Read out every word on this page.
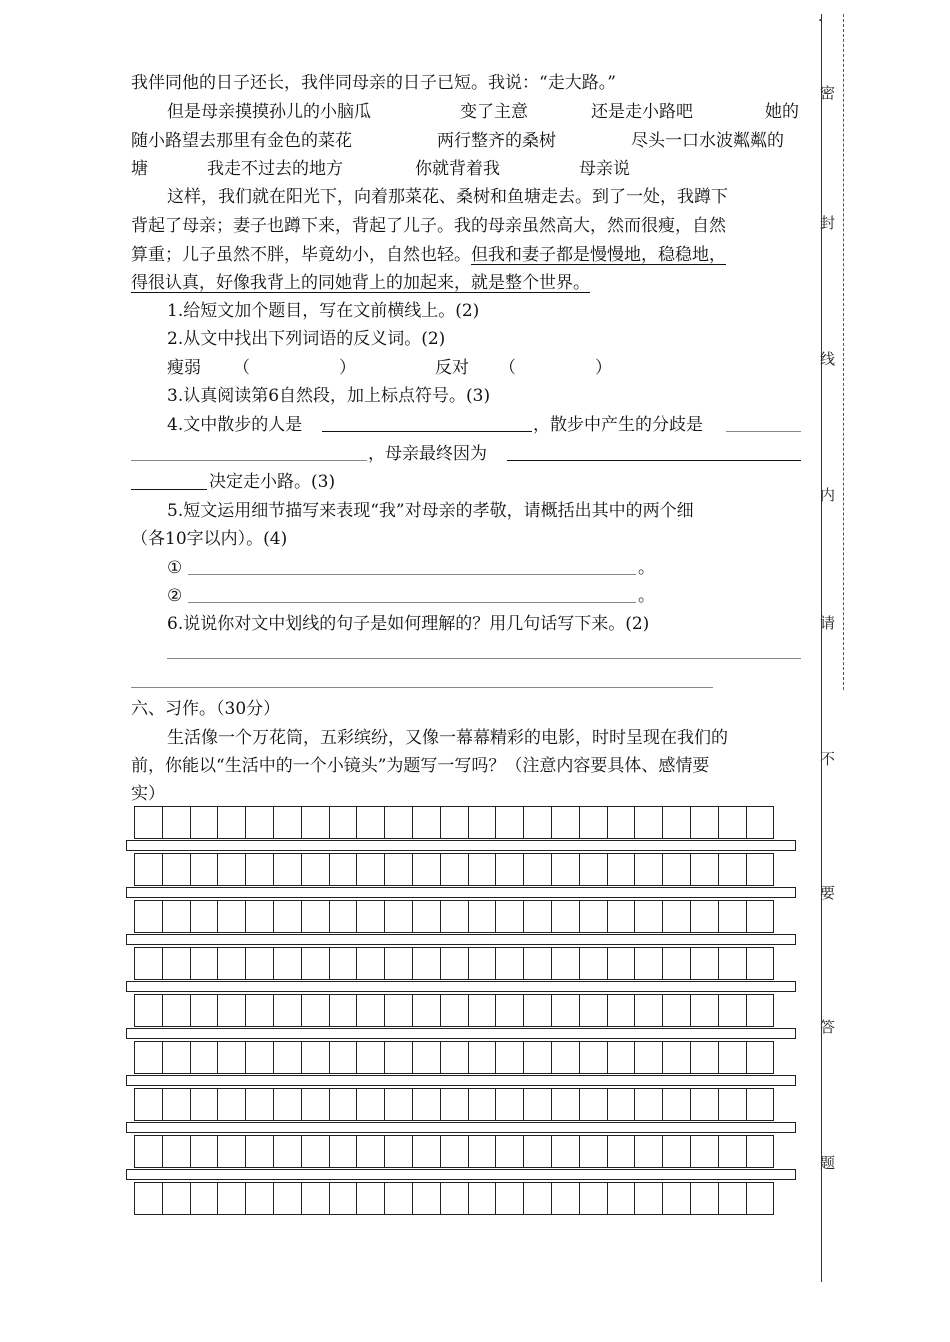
我伴同他的日子还长，我伴同母亲的日子已短。我说：“走大路。”
但是母亲摸摸孙儿的小脑瓜	变了主意	还是走小路吧	她的
随小路望去那里有金色的菜花	两行整齐的桑树	尽头一口水波粼粼的
塘	我走不过去的地方	你就背着我	母亲说
这样，我们就在阳光下，向着那菜花、桑树和鱼塘走去。到了一处，我蹲下
背起了母亲；妻子也蹲下来，背起了儿子。我的母亲虽然高大，然而很瘦，自然
算重；儿子虽然不胖，毕竟幼小，自然也轻。但我和妻子都是慢慢地，稳稳地，
得很认真，好像我背上的同她背上的加起来，就是整个世界。
1.给短文加个题目，写在文前横线上。(2)
2.从文中找出下列词语的反义词。(2)
瘦弱 （	）	反对 （	）
3.认真阅读第6自然段，加上标点符号。(3)
4.文中散步的人是	，散步中产生的分歧是
，母亲最终因为
决定走小路。(3)
5.短文运用细节描写来表现“我”对母亲的孝敬，请概括出其中的两个细
（各10字以内）。(4)
①	。
②	。
6.说说你对文中划线的句子是如何理解的？用几句话写下来。(2)
六、习作。（30分）
生活像一个万花筒，五彩缤纷，又像一幕幕精彩的电影，时时呈现在我们的
前，你能以“生活中的一个小镜头”为题写一写吗？（注意内容要具体、感情要
实）
.
密
封
线
内
请
不
要
答
题
